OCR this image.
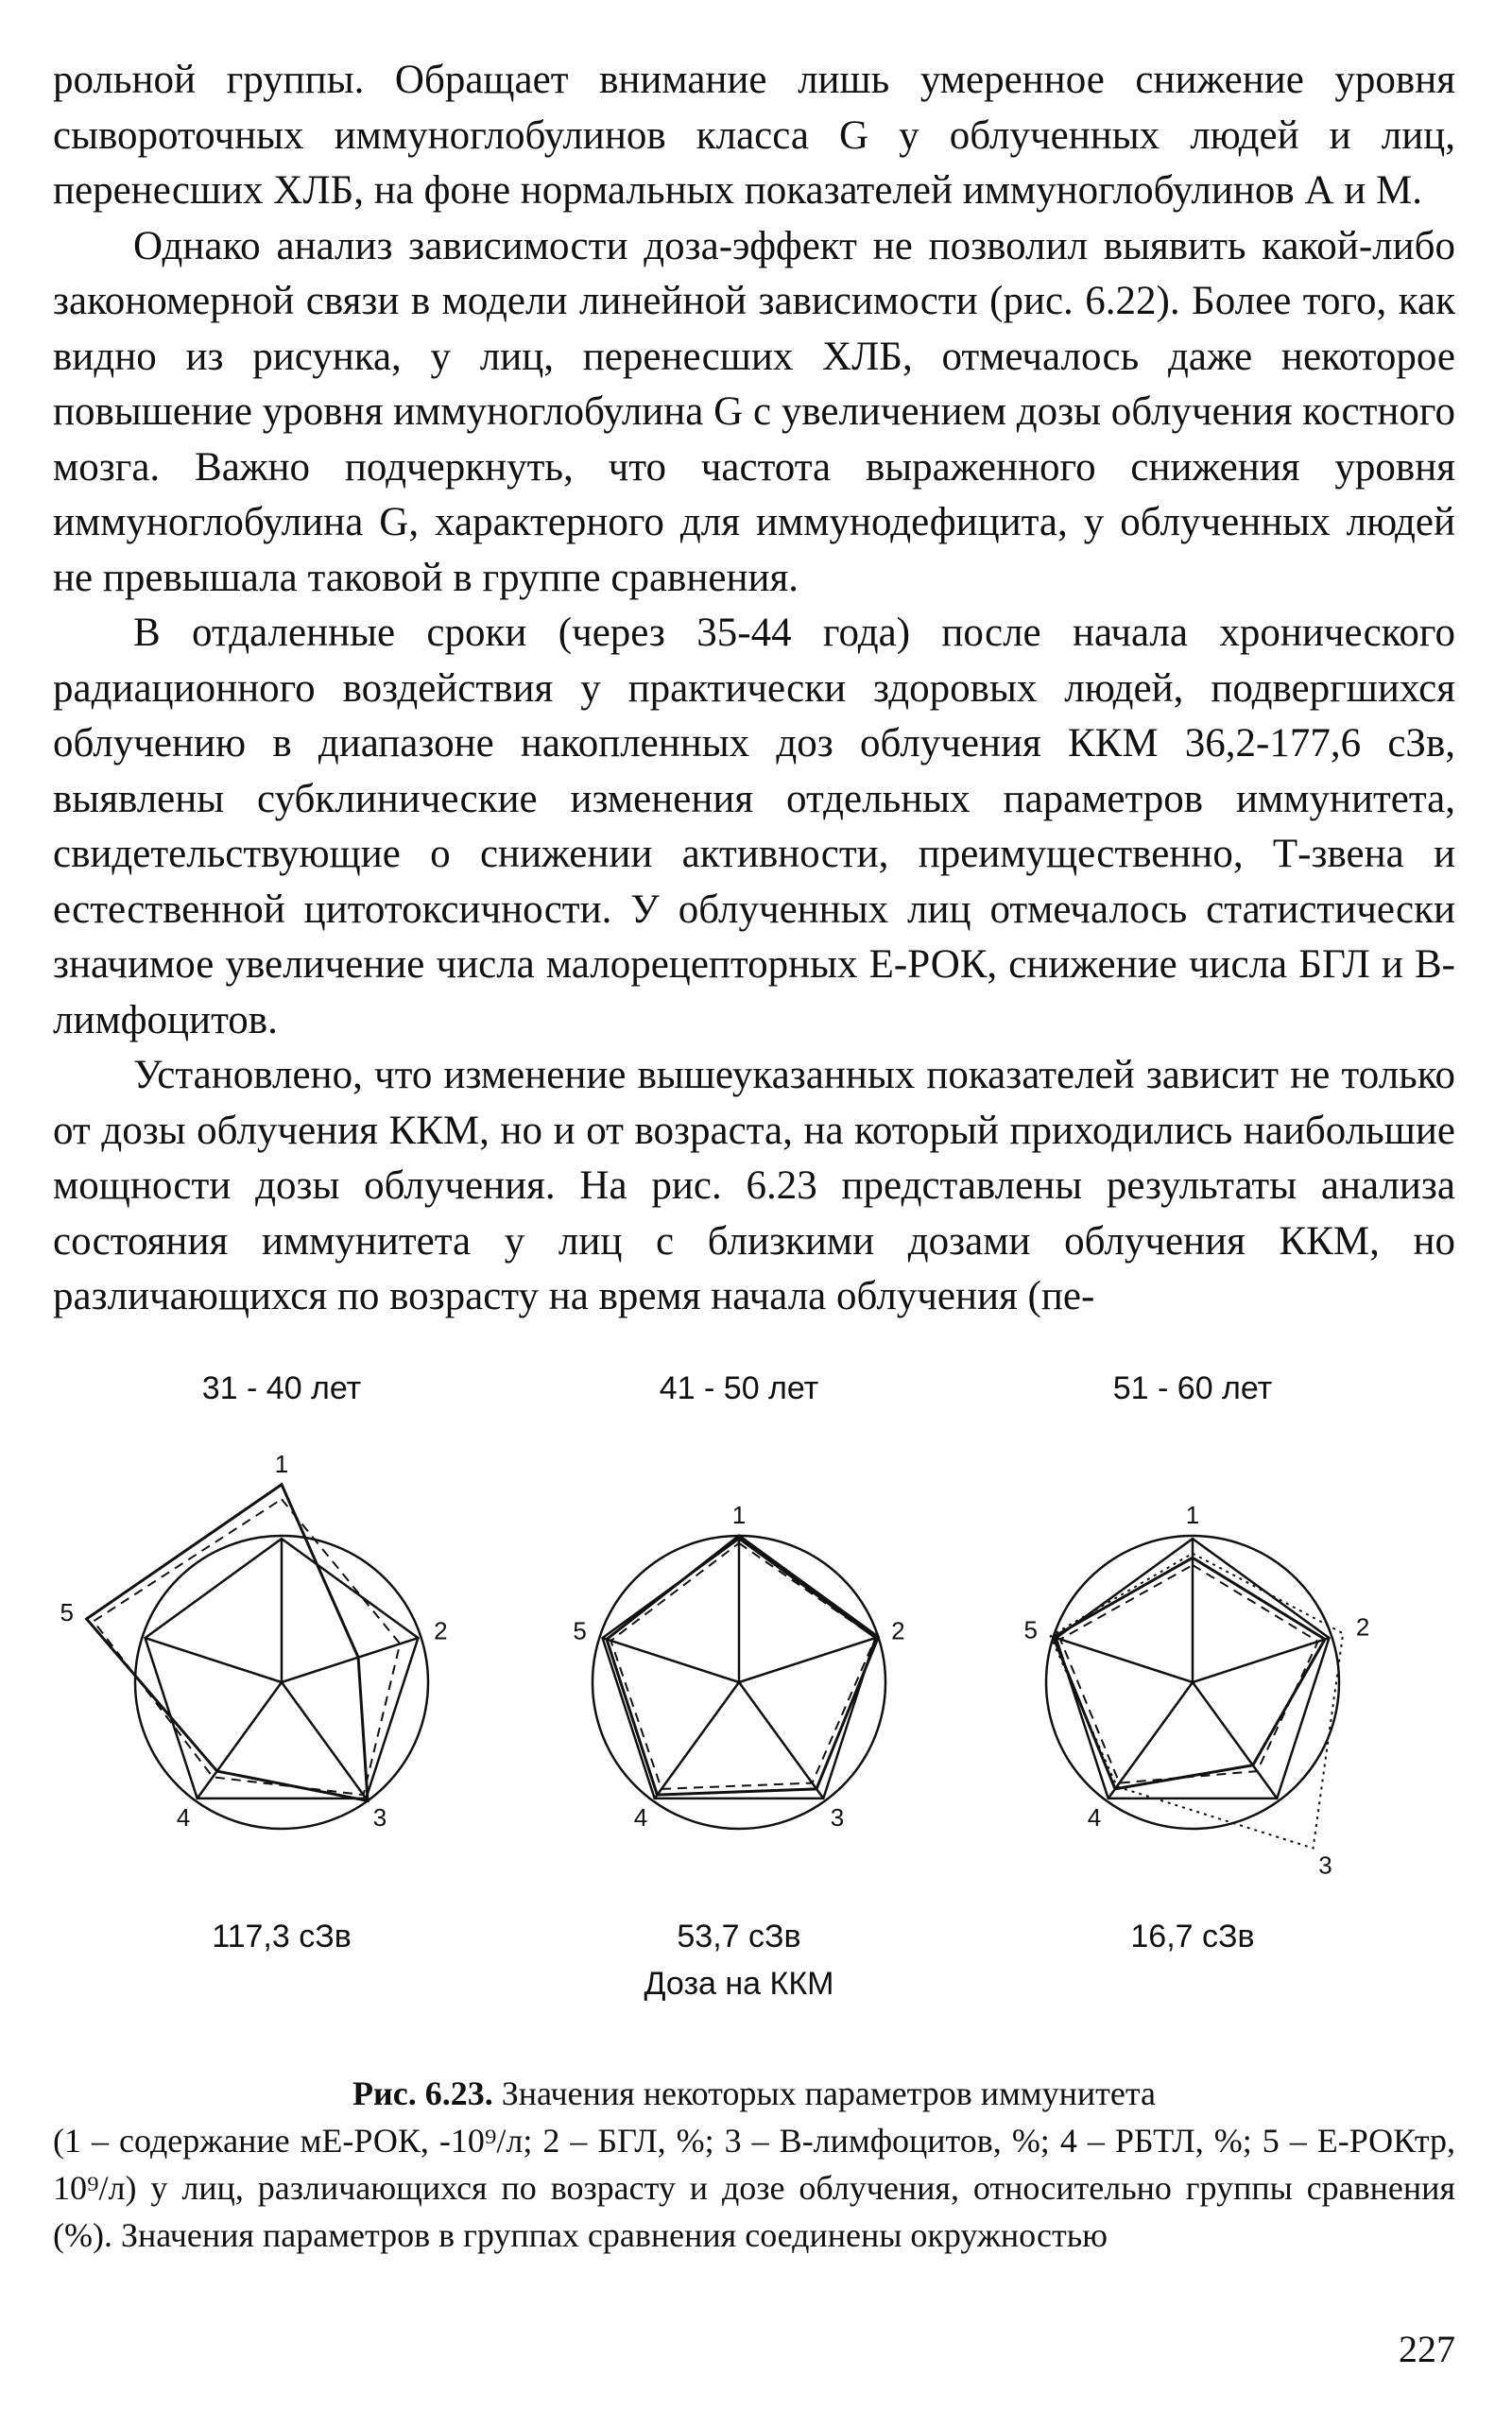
рольной группы. Обращает внимание лишь умеренное снижение уровня сывороточных иммуноглобулинов класса G у облученных людей и лиц, перенесших ХЛБ, на фоне нормальных показателей иммуноглобулинов А и М.

Однако анализ зависимости доза-эффект не позволил выявить какой-либо закономерной связи в модели линейной зависимости (рис. 6.22). Более того, как видно из рисунка, у лиц, перенесших ХЛБ, отмечалось даже некоторое повышение уровня иммуноглобулина G с увеличением дозы облучения костного мозга. Важно подчеркнуть, что частота выраженного снижения уровня иммуноглобулина G, характерного для иммунодефицита, у облученных людей не превышала таковой в группе сравнения.

В отдаленные сроки (через 35-44 года) после начала хронического радиационного воздействия у практически здоровых людей, подвергшихся облучению в диапазоне накопленных доз облучения ККМ 36,2-177,6 сЗв, выявлены субклинические изменения отдельных параметров иммунитета, свидетельствующие о снижении активности, преимущественно, Т-звена и естественной цитотоксичности. У облученных лиц отмечалось статистически значимое увеличение числа малорецепторных Е-РОК, снижение числа БГЛ и В-лимфоцитов.

Установлено, что изменение вышеуказанных показателей зависит не только от дозы облучения ККМ, но и от возраста, на который приходились наибольшие мощности дозы облучения. На рис. 6.23 представлены результаты анализа состояния иммунитета у лиц с близкими дозами облучения ККМ, но различающихся по возрасту на время начала облучения (пе-

31 - 40 лет
1
2
3
4
5
117,3 сЗв
41 - 50 лет
1
2
3
4
5
53,7 сЗв
51 - 60 лет
1
2
3
4
5
16,7 сЗв
Доза на ККМ
Рис. 6.23. Значения некоторых параметров иммунитета
(1 – содержание мЕ-РОК, -10⁹/л; 2 – БГЛ, %; 3 – В-лимфоцитов, %; 4 – РБТЛ, %; 5 – Е-РОКтр, 10⁹/л) у лиц, различающихся по возрасту и дозе облучения, относительно группы сравнения (%). Значения параметров в группах сравнения соединены окружностью
227
